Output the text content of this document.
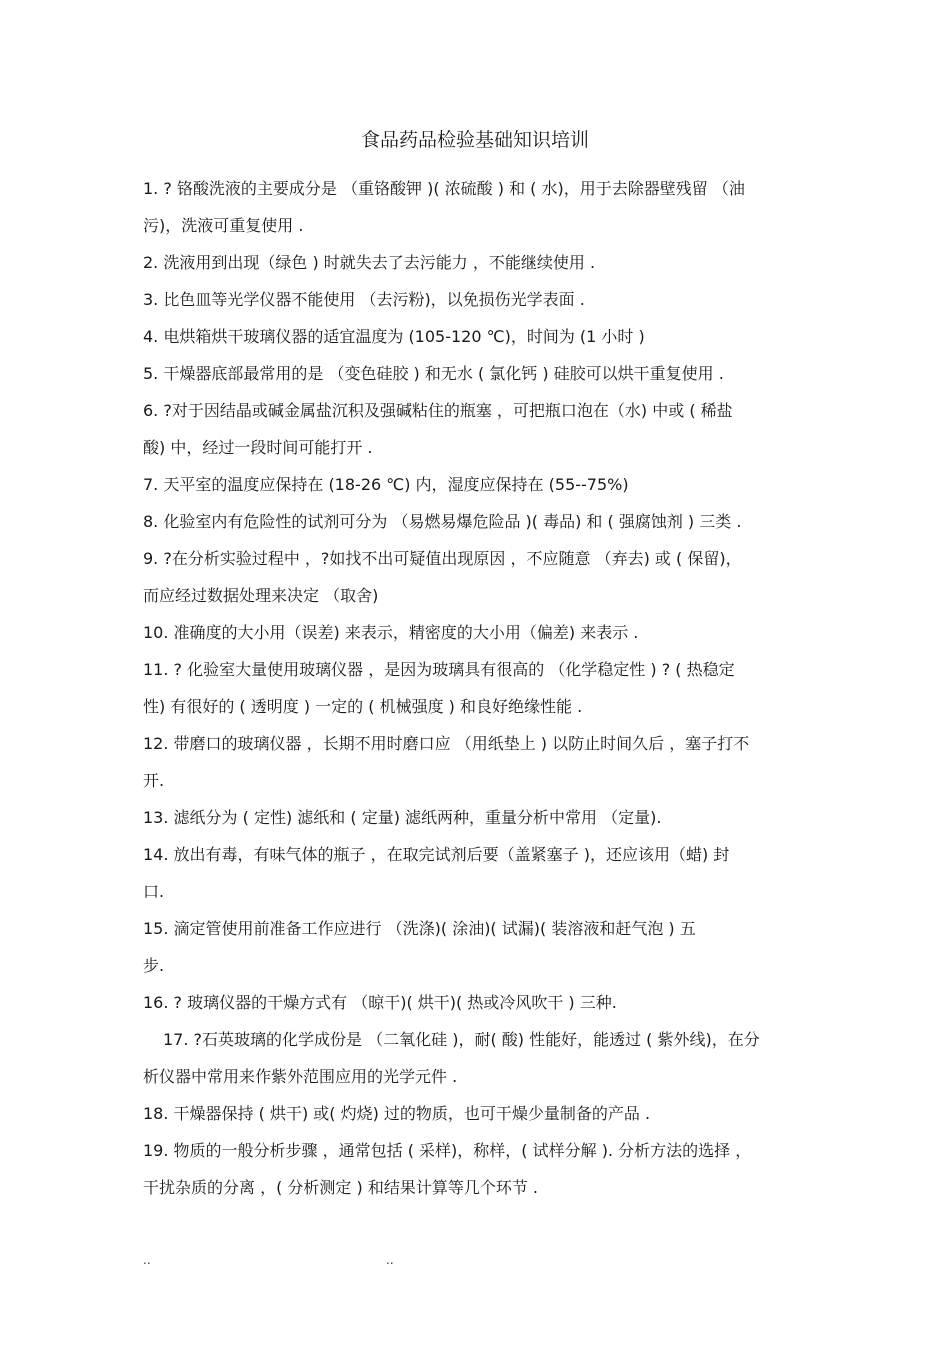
食品药品检验基础知识培训
1. ? 铬酸洗液的主要成分是 （重铬酸钾 )( 浓硫酸 ) 和 ( 水)，用于去除器壁残留 （油
污)，洗液可重复使用 .
2. 洗液用到出现（绿色 ) 时就失去了去污能力 ，不能继续使用 .
3. 比色皿等光学仪器不能使用 （去污粉)，以免损伤光学表面 .
4. 电烘箱烘干玻璃仪器的适宜温度为 (105-120 ℃)，时间为 (1 小时 )
5. 干燥器底部最常用的是 （变色硅胶 ) 和无水 ( 氯化钙 ) 硅胶可以烘干重复使用 .
6. ?对于因结晶或碱金属盐沉积及强碱粘住的瓶塞 ，可把瓶口泡在（水) 中或 ( 稀盐
酸) 中，经过一段时间可能打开 .
7. 天平室的温度应保持在 (18-26 ℃) 内，湿度应保持在 (55--75%)
8. 化验室内有危险性的试剂可分为 （易燃易爆危险品 )( 毒品) 和 ( 强腐蚀剂 ) 三类 .
9. ?在分析实验过程中 ，?如找不出可疑值出现原因 ，不应随意 （弃去) 或 ( 保留)，
而应经过数据处理来决定 （取舍)
10. 准确度的大小用（误差) 来表示，精密度的大小用（偏差) 来表示 .
11. ? 化验室大量使用玻璃仪器 ，是因为玻璃具有很高的 （化学稳定性 ) ? ( 热稳定
性) 有很好的 ( 透明度 ) 一定的 ( 机械强度 ) 和良好绝缘性能 .
12. 带磨口的玻璃仪器 ，长期不用时磨口应 （用纸垫上 ) 以防止时间久后 ，塞子打不
开.
13. 滤纸分为 ( 定性) 滤纸和 ( 定量) 滤纸两种，重量分析中常用 （定量).
14. 放出有毒，有味气体的瓶子 ，在取完试剂后要（盖紧塞子 )，还应该用（蜡) 封
口.
15. 滴定管使用前准备工作应进行 （洗涤)( 涂油)( 试漏)( 装溶液和赶气泡 ) 五
步.
16. ? 玻璃仪器的干燥方式有 （晾干)( 烘干)( 热或冷风吹干 ) 三种.
17. ?石英玻璃的化学成份是 （二氧化硅 )，耐( 酸) 性能好，能透过 ( 紫外线)，在分
析仪器中常用来作紫外范围应用的光学元件 .
18. 干燥器保持 ( 烘干) 或( 灼烧) 过的物质，也可干燥少量制备的产品 .
19. 物质的一般分析步骤 ，通常包括 ( 采样)，称样，( 试样分解 ). 分析方法的选择 ，
干扰杂质的分离 ，( 分析测定 ) 和结果计算等几个环节 .
..	..
